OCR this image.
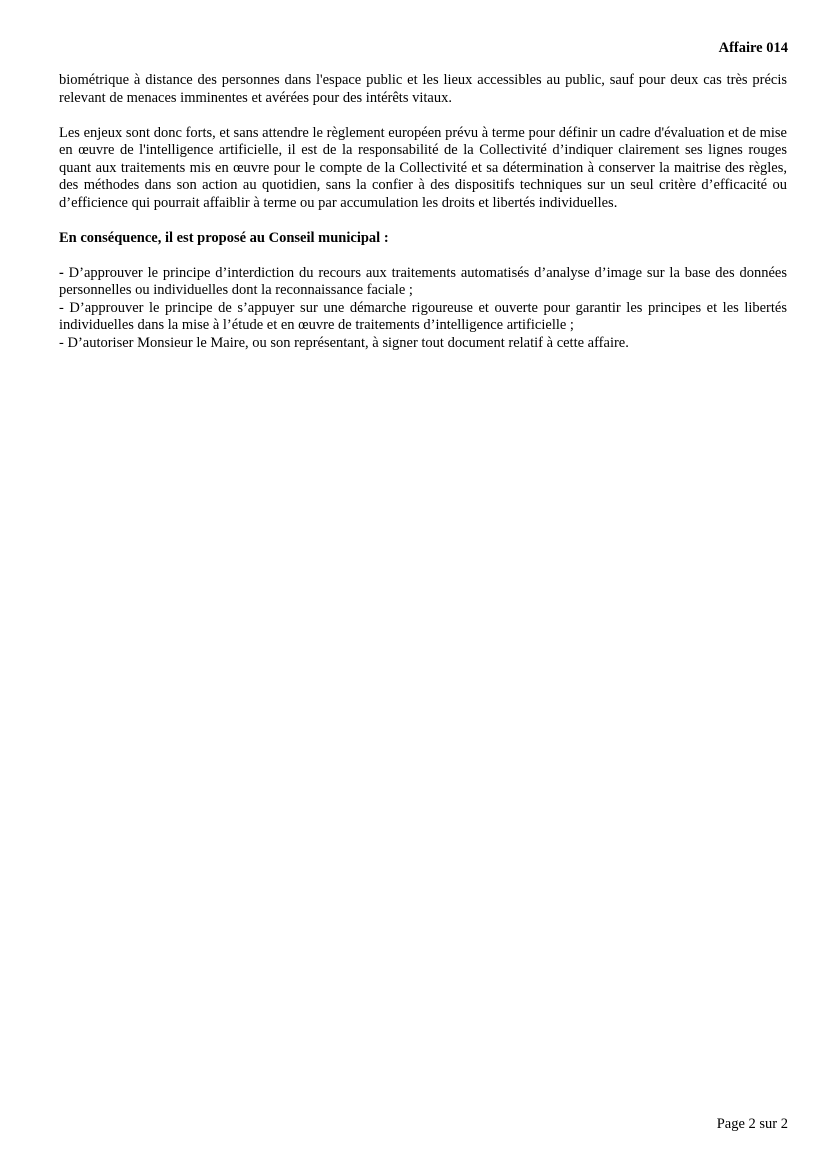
Affaire 014

biométrique à distance des personnes dans l'espace public et les lieux accessibles au public, sauf pour deux cas très précis relevant de menaces imminentes et avérées pour des intérêts vitaux.

Les enjeux sont donc forts, et sans attendre le règlement européen prévu à terme pour définir un cadre d'évaluation et de mise en œuvre de l'intelligence artificielle, il est de la responsabilité de la Collectivité d’indiquer clairement ses lignes rouges quant aux traitements mis en œuvre pour le compte de la Collectivité et sa détermination à conserver la maitrise des règles, des méthodes dans son action au quotidien, sans la confier à des dispositifs techniques sur un seul critère d’efficacité ou d’efficience qui pourrait affaiblir à terme ou par accumulation les droits et libertés individuelles.

En conséquence, il est proposé au Conseil municipal :

- D’approuver le principe d’interdiction du recours aux traitements automatisés d’analyse d’image sur la base des données personnelles ou individuelles dont la reconnaissance faciale ;

- D’approuver le principe de s’appuyer sur une démarche rigoureuse et ouverte pour garantir les principes et les libertés individuelles dans la mise à l’étude et en œuvre de traitements d’intelligence artificielle ;

- D’autoriser Monsieur le Maire, ou son représentant, à signer tout document relatif à cette affaire.

Page 2 sur 2
